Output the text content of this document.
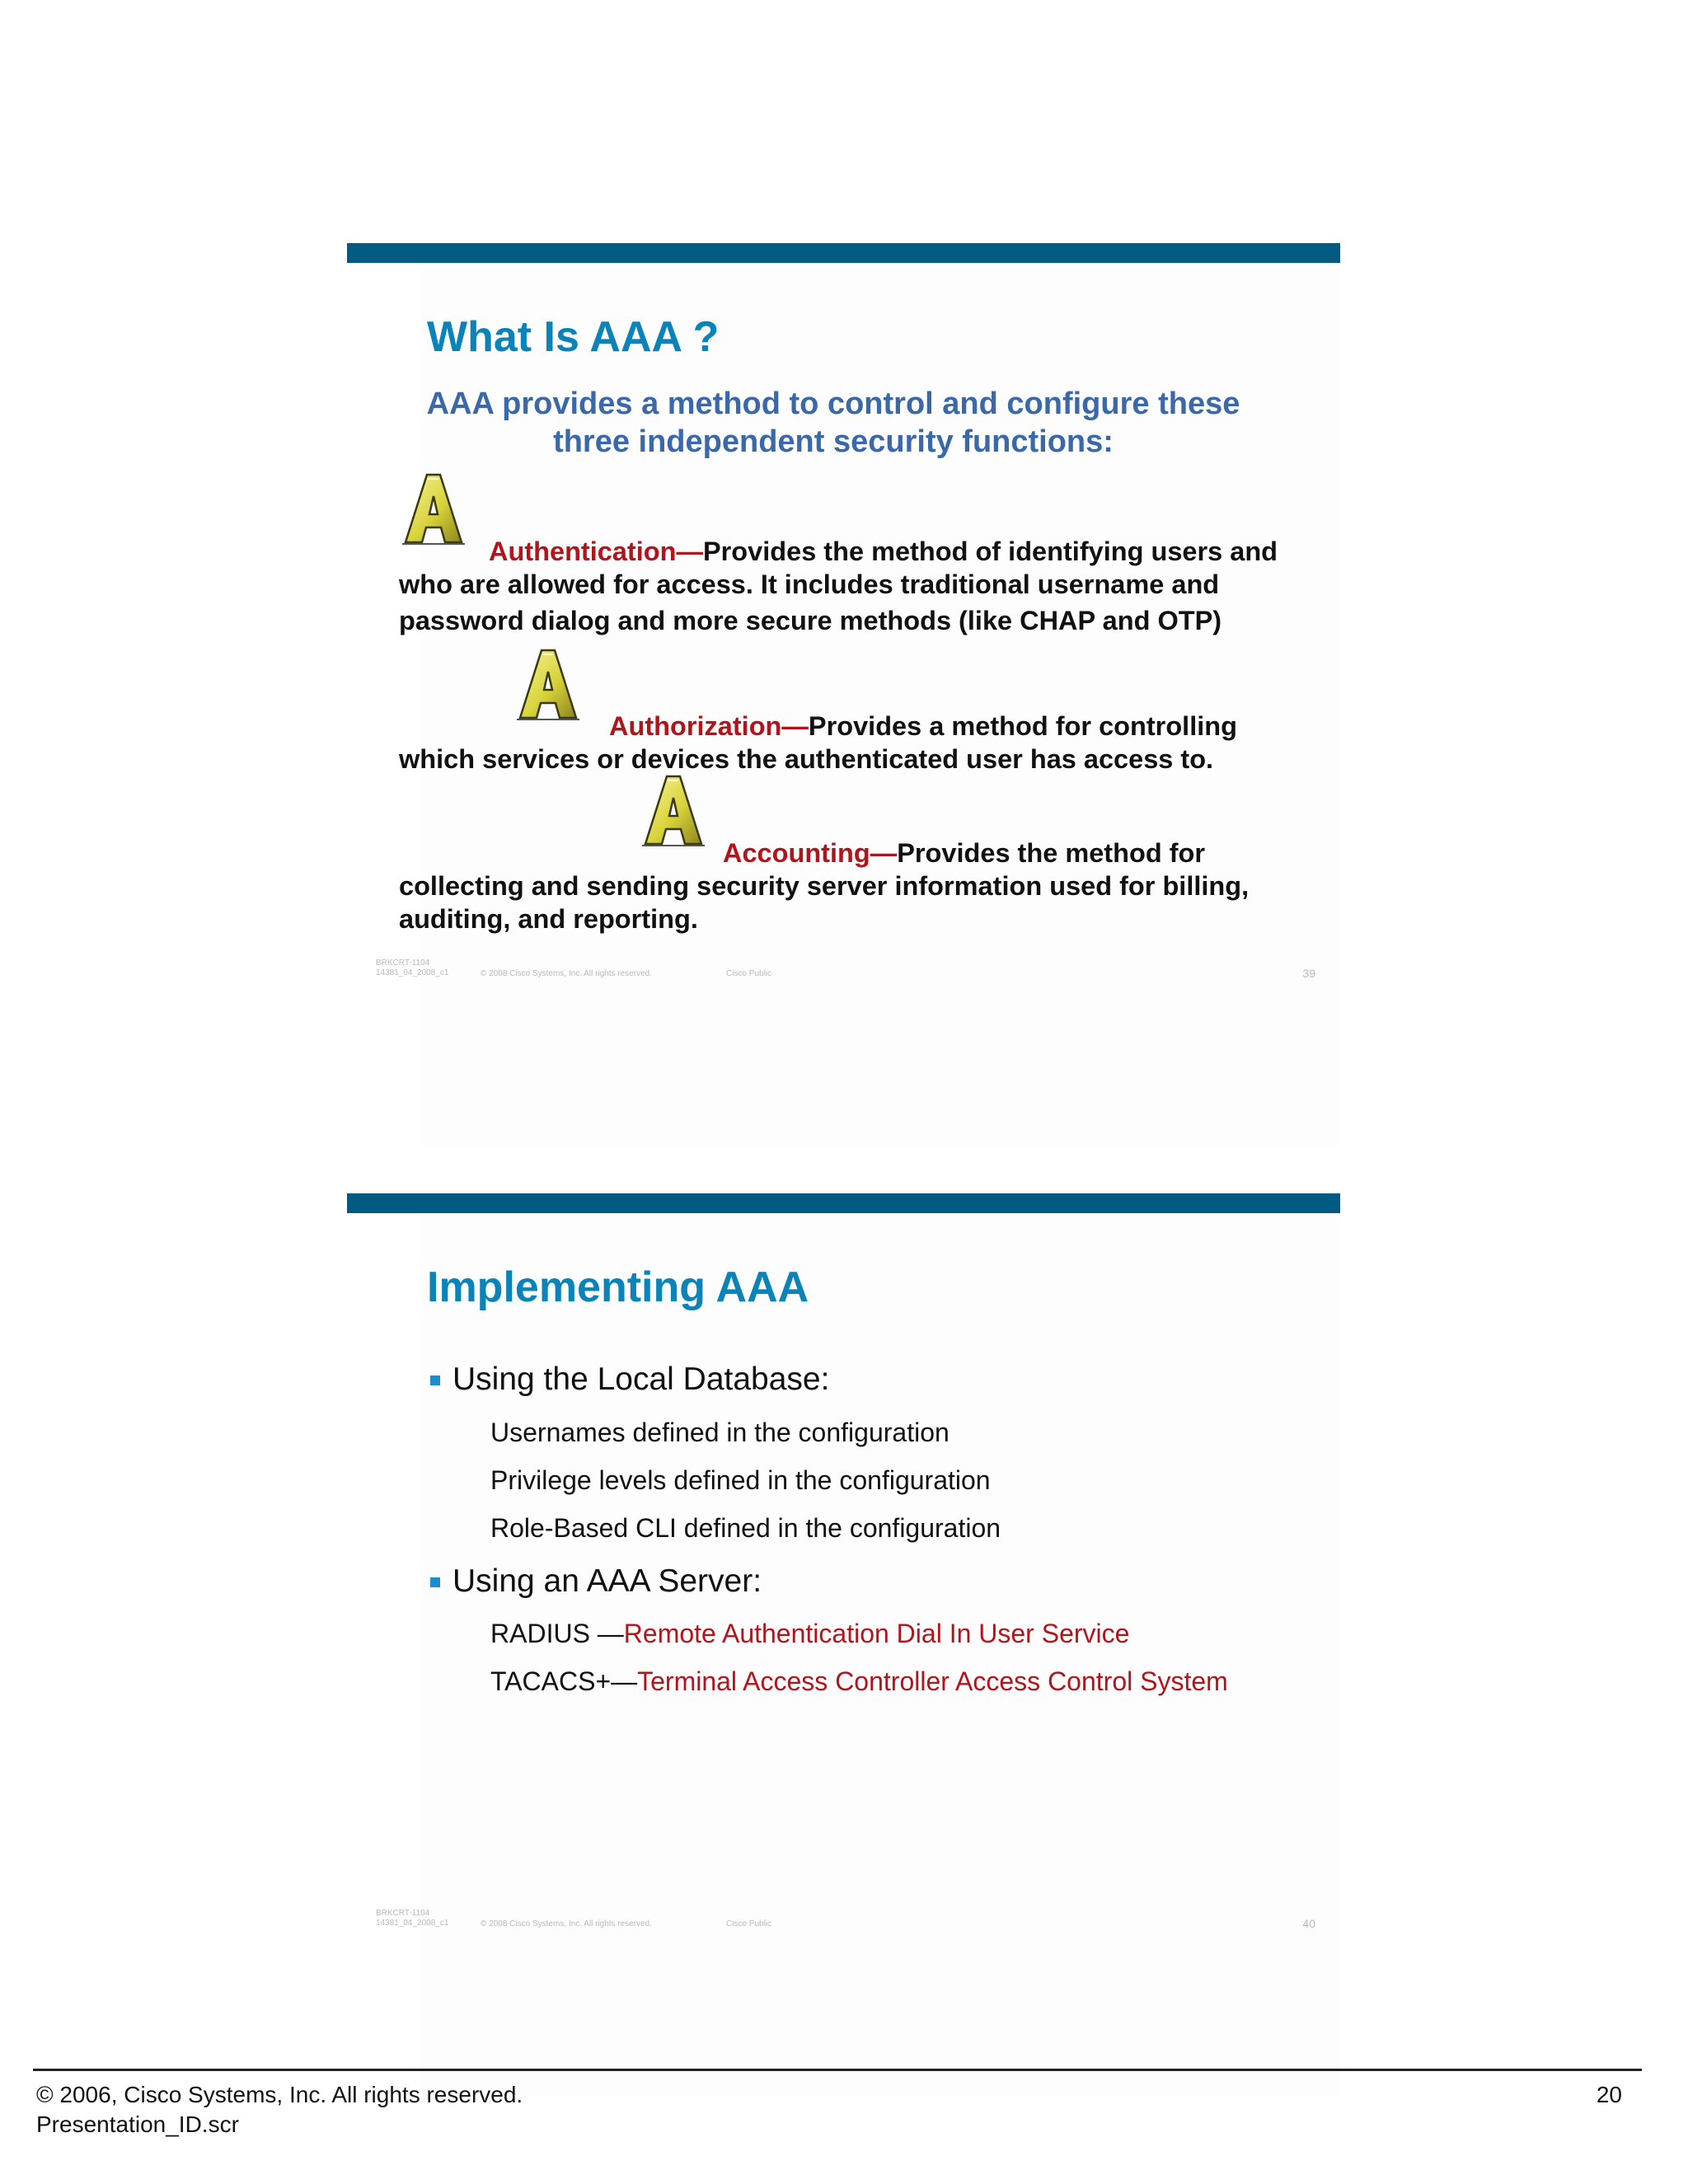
What Is AAA ?
AAA provides a method to control and configure these
three independent security functions:
Authentication—Provides the method of identifying users and
who are allowed for access. It includes traditional username and
password dialog and more secure methods (like CHAP and OTP)
Authorization—Provides a method for controlling
which services or devices the authenticated user has access to.
Accounting—Provides the method for
collecting and sending security server information used for billing,
auditing, and reporting.
BRKCRT-1104
14381_04_2008_c1	© 2008 Cisco Systems, Inc. All rights reserved.	Cisco Public	39
Implementing AAA
Using the Local Database:
Usernames defined in the configuration
Privilege levels defined in the configuration
Role-Based CLI defined in the configuration
Using an AAA Server:
RADIUS —Remote Authentication Dial In User Service
TACACS+—Terminal Access Controller Access Control System
BRKCRT-1104
14381_04_2008_c1	© 2008 Cisco Systems, Inc. All rights reserved.	Cisco Public	40
© 2006, Cisco Systems, Inc. All rights reserved.
Presentation_ID.scr
20
